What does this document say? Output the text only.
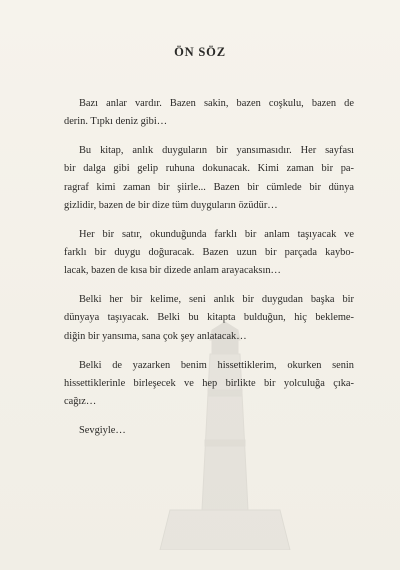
ÖN SÖZ
Bazı anlar vardır. Bazen sakin, bazen coşkulu, bazen de
derin. Tıpkı deniz gibi…
Bu kitap, anlık duyguların bir yansımasıdır. Her sayfası
bir dalga gibi gelip ruhuna dokunacak. Kimi zaman bir pa-
ragraf kimi zaman bir şiirle... Bazen bir cümlede bir dünya
gizlidir, bazen de bir dize tüm duyguların özüdür…
Her bir satır, okunduğunda farklı bir anlam taşıyacak ve
farklı bir duygu doğuracak. Bazen uzun bir parçada kaybo-
lacak, bazen de kısa bir dizede anlam arayacaksın…
Belki her bir kelime, seni anlık bir duygudan başka bir
dünyaya taşıyacak. Belki bu kitapta bulduğun, hiç bekleme-
diğin bir yansıma, sana çok şey anlatacak…
Belki de yazarken benim hissettiklerim, okurken senin
hissettiklerinle birleşecek ve hep birlikte bir yolculuğa çıka-
cağız…
Sevgiyle…
